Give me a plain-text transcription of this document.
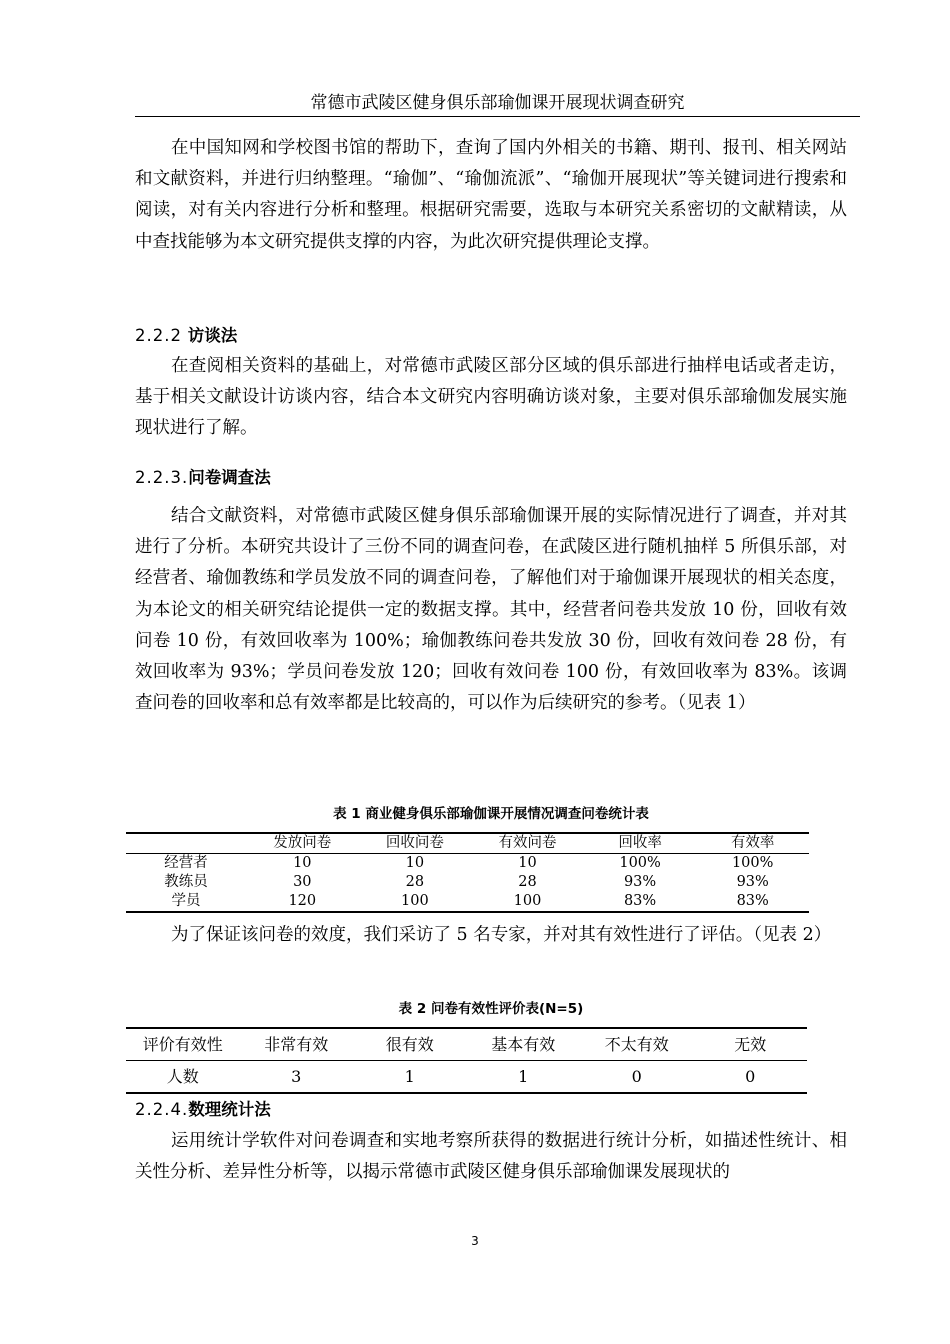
常德市武陵区健身俱乐部瑜伽课开展现状调查研究

在中国知网和学校图书馆的帮助下，查询了国内外相关的书籍、期刊、报刊、相关网站和文献资料，并进行归纳整理。“瑜伽”、“瑜伽流派”、“瑜伽开展现状”等关键词进行搜索和阅读，对有关内容进行分析和整理。根据研究需要，选取与本研究关系密切的文献精读，从中查找能够为本文研究提供支撑的内容，为此次研究提供理论支撑。

2.2.2 访谈法

在查阅相关资料的基础上，对常德市武陵区部分区域的俱乐部进行抽样电话或者走访，基于相关文献设计访谈内容，结合本文研究内容明确访谈对象，主要对俱乐部瑜伽发展实施现状进行了解。

2.2.3.问卷调查法

结合文献资料，对常德市武陵区健身俱乐部瑜伽课开展的实际情况进行了调查，并对其进行了分析。本研究共设计了三份不同的调查问卷，在武陵区进行随机抽样 5 所俱乐部，对经营者、瑜伽教练和学员发放不同的调查问卷，了解他们对于瑜伽课开展现状的相关态度，为本论文的相关研究结论提供一定的数据支撑。其中，经营者问卷共发放 10 份，回收有效问卷 10 份，有效回收率为 100%；瑜伽教练问卷共发放 30 份，回收有效问卷 28 份，有效回收率为 93%；学员问卷发放 120；回收有效问卷 100 份，有效回收率为 83%。该调查问卷的回收率和总有效率都是比较高的，可以作为后续研究的参考。（见表 1）

表 1 商业健身俱乐部瑜伽课开展情况调查问卷统计表
	发放问卷	回收问卷	有效问卷	回收率	有效率
经营者	10	10	10	100%	100%
教练员	30	28	28	93%	93%
学员	120	100	100	83%	83%

为了保证该问卷的效度，我们采访了 5 名专家，并对其有效性进行了评估。（见表 2）

表 2 问卷有效性评价表(N=5)
评价有效性	非常有效	很有效	基本有效	不太有效	无效
人数	3	1	1	0	0
2.2.4.数理统计法

运用统计学软件对问卷调查和实地考察所获得的数据进行统计分析，如描述性统计、相关性分析、差异性分析等，以揭示常德市武陵区健身俱乐部瑜伽课发展现状的

3
